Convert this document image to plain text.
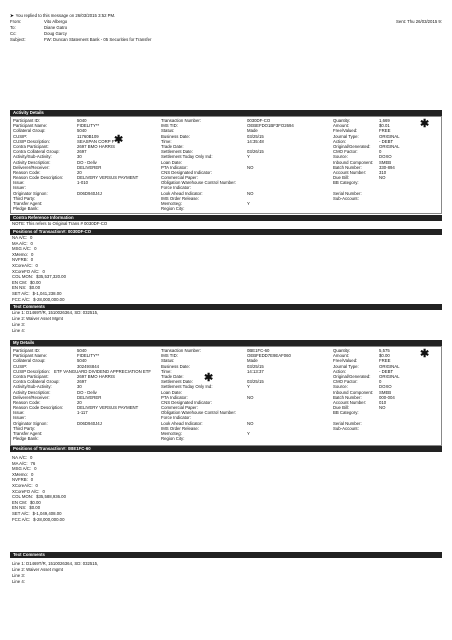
➤ You replied to this message on 26/03/2015 3:52 PM.
From:	Vito Albergo
To:	Diane Gatro
Cc:	Doug Garcy
Subject:	FW: Duncan Statement Bank - 05 Securities for Transfer
Sent: Thu 26/03/2015 9:
Activity Details
Participant ID:	5040
Participant Name:	FIDELITY**
Collateral Group:	5040
CUSIP:	11760B109
CUSIP Description:	SEASPAN CORP F
Contra Participant:	2697 BMO HARRIS
Contra Collateral Group:	2697
Activity/Sub-Activity:	30
Activity Description:	DO - Deliv
Deliverer/Receiver:	DELIVERER
Reason Code:	20
Reason Code Description:	DELIVERY VERSUS PAYMENT
Issue:	1-010
Issuer:
Originator Signon:	D06D940J4J
Third Party:
Transfer Agent:
Pledge Bank:
Transaction Number:	0030DF-CO
IMS TID:	OEBEFDO1BF3FO2694
Status:	Made
Business Date:	03/25/15
Time:	14:35:48
Trade Date:
Settlement Date:	03/26/15
Settlement Today Only Ind:	Y
Loan Date:
PTA Indicator:	NO
CNS Designated Indicator:
Commercial Paper:
Obligation Warehouse Control Number:
Force Indicator:
Look Ahead Indicator:	NO
IMS Order Release:
MemoSeg:	Y
Region City:
Quantity:	1,669
Amount:	$0.01
Free/Valued:	FREE
Journal Type:	ORIGINAL
Action:	- DEBT
Original/Generated:	ORIGINAL
CMO Factor:	0
Source:	DOXO
Inbound Component:	SMEB
Batch Number:	330-894
Account Number:	310
Due Bill:	NO
BB Category:
Serial Number:
Sub-Account:
✱
✱
Contra Reference Information
NOTE: This refers to Original Trans # 0030DF-CO
Positions of Transaction#: 0030DF-CO
NA A/C: 0
MA A/C: 0
MSG A/C: 0
XMemo: 0
NVFRB: 0
XCoreA/C: 0
XCoreFO A/C: 0
COL MON: $35,537,320.00
EN CM: $0.00
EN NS: $0.00
SET A/C: $-1,041,238.00
FCC A/C: $-28,000,000.00
Text Comments
Line 1: D1469T/R, 1510026364, SD: 032515,
Line 2: Waiver Asset Mgmt
Line 3:
Line 4:
My Details
Participant ID:	5040
Participant Name:	FIDELITY**
Collateral Group:	5040
CUSIP:	30249S844
CUSIP Description: ETF VANGUARD DIVIDEND APPRECIATION ETF
Contra Participant:	2697 BMO HARRIS
Contra Collateral Group:	2697
Activity/Sub-Activity:	30
Activity Description:	DO - Deliv
Deliverer/Receiver:	DELIVERER
Reason Code:	20
Reason Code Description:	DELIVERY VERSUS PAYMENT
Issue:	1-117
Issuer:
Originator Signon:	D06D940J4J
Third Party:
Transfer Agent:
Pledge Bank:
Transaction Number:	0BE1FC-60
IMS TID:	OEBFEDD7E9EAF060
Status:	Made
Business Date:	03/25/15
Time:	14:13:37
Trade Date:
Settlement Date:	03/25/15
Settlement Today Only Ind:	Y
Loan Date:
PTA Indicator:	NO
CNS Designated Indicator:
Commercial Paper:
Obligation Warehouse Control Number:
Force Indicator:
Look Ahead Indicator:	NO
IMS Order Release:
MemoSeg:	Y
Region City:
Quantity:	5,575
Amount:	$0.00
Free/Valued:	FREE
Journal Type:	ORIGINAL
Action:	- DEBT
Original/Generated:	ORIGINAL
CMO Factor:	0
Source:	DOXO
Inbound Component:	SMEB
Batch Number:	000-004
Account Number:	010
Due Bill:	NO
BB Category:
Serial Number:
Sub-Account:
✱
✱
Positions of Transaction#: 0BE1FC-60
NA A/C: 0
MA A/C: 76
MSG A/C: 0
XMemo: 0
NVFRB: 0
XCoreA/C: 0
XCoreFO A/C: 0
COL MON: $35,588,936.00
EN CM: $0.00
EN NS: $0.00
SET A/C: $-1,049,408.00
FCC A/C: $-28,000,000.00
Text Comments
Line 1: D1469T/R, 1510026364, SD: 032515,
Line 2: Waiver Asset mgmt
Line 3:
Line 4:
